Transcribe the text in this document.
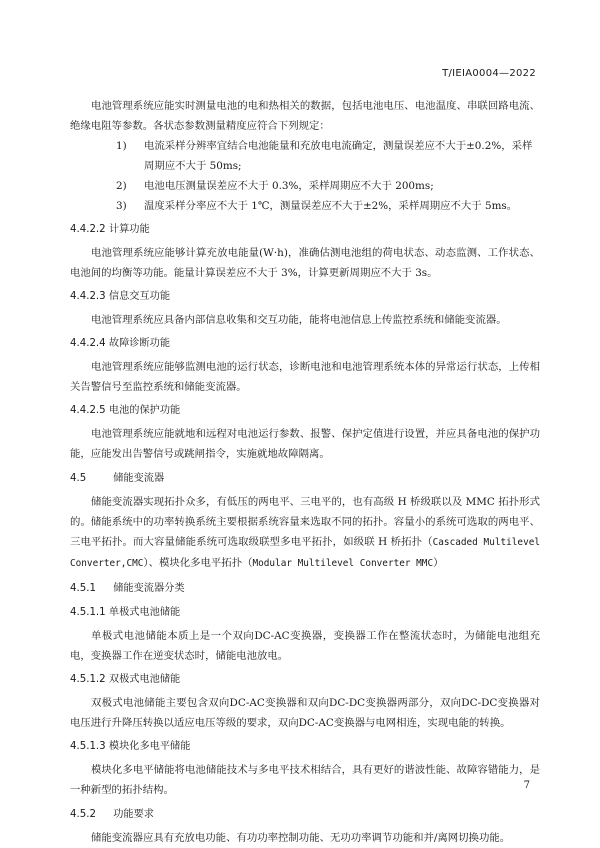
T/IEIA0004—2022

电池管理系统应能实时测量电池的电和热相关的数据，包括电池电压、电池温度、串联回路电流、绝缘电阻等参数。各状态参数测量精度应符合下列规定：

1)	电流采样分辨率宜结合电池能量和充放电电流确定，测量误差应不大于±0.2%，采样周期应不大于 50ms;
2)	电池电压测量误差应不大于 0.3%，采样周期应不大于 200ms;
3)	温度采样分率应不大于 1℃，测量误差应不大于±2%，采样周期应不大于 5ms。
4.4.2.2 计算功能

电池管理系统应能够计算充放电能量(W·h)，准确估测电池组的荷电状态、动态监测、工作状态、电池间的均衡等功能。能量计算误差应不大于 3%，计算更新周期应不大于 3s。

4.4.2.3 信息交互功能

电池管理系统应具备内部信息收集和交互功能，能将电池信息上传监控系统和储能变流器。

4.4.2.4 故障诊断功能

电池管理系统应能够监测电池的运行状态，诊断电池和电池管理系统本体的异常运行状态，上传相关告警信号至监控系统和储能变流器。

4.4.2.5 电池的保护功能

电池管理系统应能就地和远程对电池运行参数、报警、保护定值进行设置，并应具备电池的保护功能，应能发出告警信号或跳闸指令，实施就地故障隔离。

4.5	储能变流器

储能变流器实现拓扑众多，有低压的两电平、三电平的，也有高级 H 桥级联以及 MMC 拓扑形式的。储能系统中的功率转换系统主要根据系统容量来选取不同的拓扑。容量小的系统可选取的两电平、三电平拓扑。而大容量储能系统可选取级联型多电平拓扑，如级联 H 桥拓扑（Cascaded Multilevel Converter,CMC）、模块化多电平拓扑（Modular Multilevel Converter MMC）

4.5.1 储能变流器分类
4.5.1.1 单极式电池储能

单极式电池储能本质上是一个双向DC-AC变换器，变换器工作在整流状态时，为储能电池组充电，变换器工作在逆变状态时，储能电池放电。

4.5.1.2 双极式电池储能

双极式电池储能主要包含双向DC-AC变换器和双向DC-DC变换器两部分，双向DC-DC变换器对电压进行升降压转换以适应电压等级的要求，双向DC-AC变换器与电网相连，实现电能的转换。

4.5.1.3 模块化多电平储能

模块化多电平储能将电池储能技术与多电平技术相结合，具有更好的谐波性能、故障容错能力，是一种新型的拓扑结构。

4.5.2 功能要求

储能变流器应具有充放电功能、有功功率控制功能、无功功率调节功能和并/离网切换功能。

7
